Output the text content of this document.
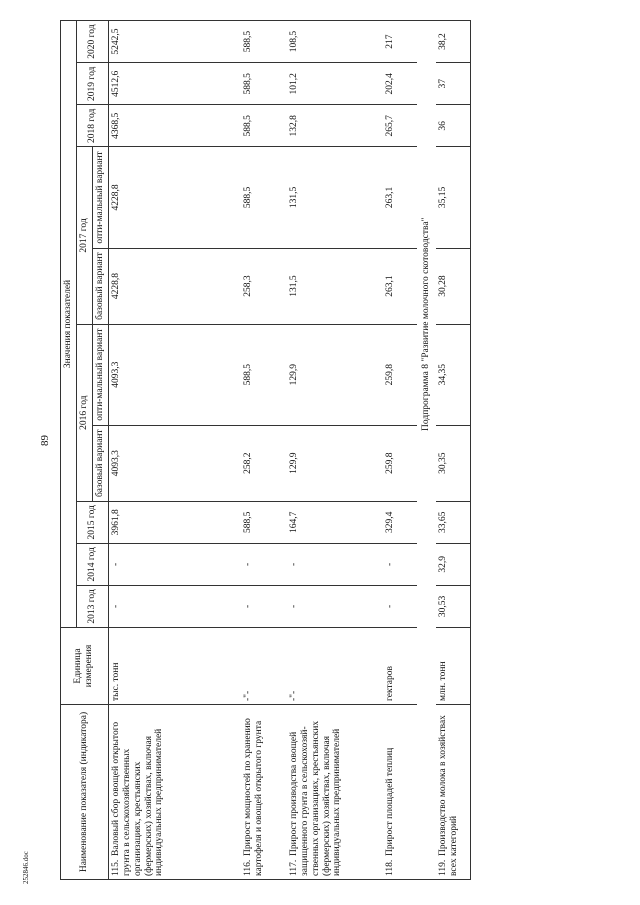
89
252846.doc	Наименование показателя (индикатора)	Единица измерения	Значения показателей									
		2013 год	2014 год	2015 год	2016 год		2017 год		2018 год	2019 год	2020 год
					базовый вариант	опти-мальный вариант	базовый вариант	опти-мальный вариант			
115.Валовый сбор овощей открытого грунта в сельскохозяйственных организациях, крестьянских (фермерских) хозяйствах, включая индивидуальных предпринимателей	тыс. тонн	-	-	3961,8	4093,3	4093,3	4228,8	4228,8	4368,5	4512,6	5242,5
116.Прирост мощностей по хранению картофеля и овощей открытого грунта	-"-	-	-	588,5	258,2	588,5	258,3	588,5	588,5	588,5	588,5
117.Прирост производства овощей защищенного грунта в сельскохозяй-ственных организациях, крестьянских (фермерских) хозяйствах, включая индивидуальных предпринимателей	-"-	-	-	164,7	129,9	129,9	131,5	131,5	132,8	101,2	108,5
118.Прирост площадей теплиц	гектаров	-	-	329,4	259,8	259,8	263,1	263,1	265,7	202,4	217
		Подпрограмма 8 "Развитие молочного скотоводства"									
119.Производство молока в хозяйствах всех категорий	млн. тонн	30,53	32,9	33,65	30,35	34,35	30,28	35,15	36	37	38,2
